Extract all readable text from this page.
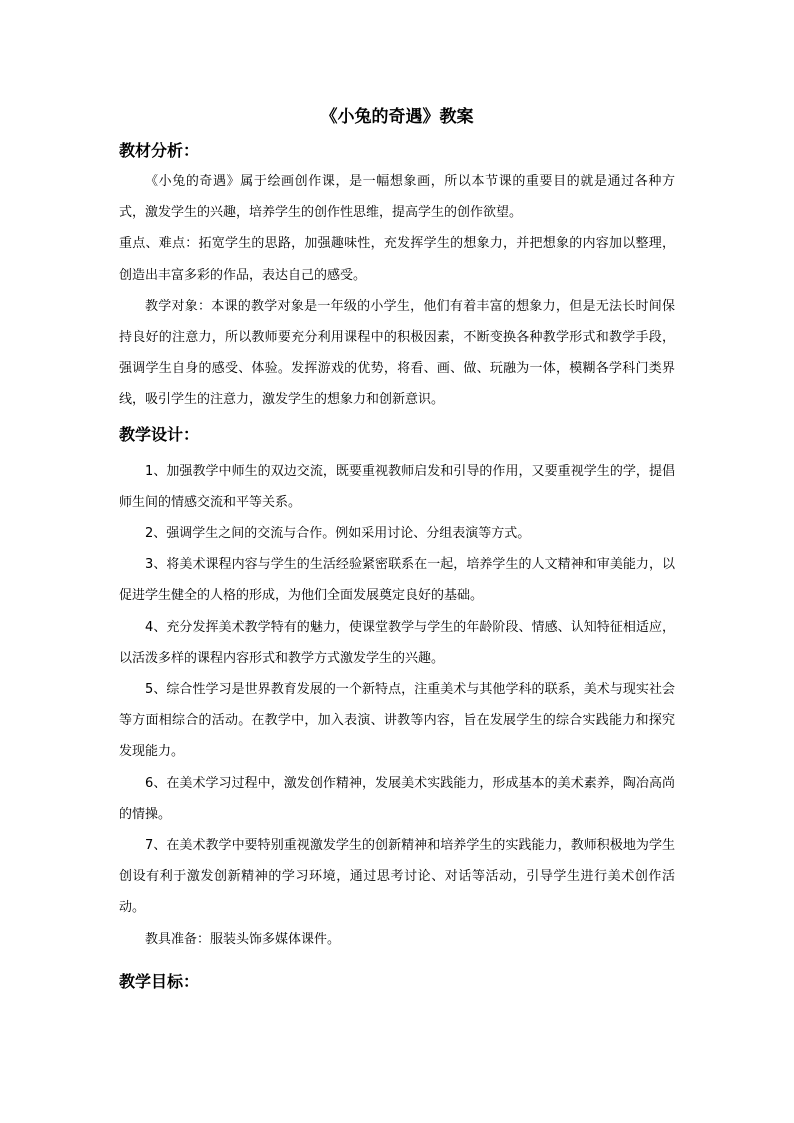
《小兔的奇遇》教案
教材分析：

《小兔的奇遇》属于绘画创作课，是一幅想象画，所以本节课的重要目的就是通过各种方式，激发学生的兴趣，培养学生的创作性思维，提高学生的创作欲望。

重点、难点：拓宽学生的思路，加强趣味性，充发挥学生的想象力，并把想象的内容加以整理，创造出丰富多彩的作品，表达自己的感受。

教学对象：本课的教学对象是一年级的小学生，他们有着丰富的想象力，但是无法长时间保持良好的注意力，所以教师要充分利用课程中的积极因素，不断变换各种教学形式和教学手段，强调学生自身的感受、体验。发挥游戏的优势，将看、画、做、玩融为一体，模糊各学科门类界线，吸引学生的注意力，激发学生的想象力和创新意识。

教学设计：

1、加强教学中师生的双边交流，既要重视教师启发和引导的作用，又要重视学生的学，提倡师生间的情感交流和平等关系。

2、强调学生之间的交流与合作。例如采用讨论、分组表演等方式。

3、将美术课程内容与学生的生活经验紧密联系在一起，培养学生的人文精神和审美能力，以促进学生健全的人格的形成，为他们全面发展奠定良好的基础。

4、充分发挥美术教学特有的魅力，使课堂教学与学生的年龄阶段、情感、认知特征相适应，以活泼多样的课程内容形式和教学方式激发学生的兴趣。

5、综合性学习是世界教育发展的一个新特点，注重美术与其他学科的联系，美术与现实社会等方面相综合的活动。在教学中，加入表演、讲教等内容，旨在发展学生的综合实践能力和探究发现能力。

6、在美术学习过程中，激发创作精神，发展美术实践能力，形成基本的美术素养，陶冶高尚的情操。

7、在美术教学中要特别重视激发学生的创新精神和培养学生的实践能力，教师积极地为学生创设有利于激发创新精神的学习环境，通过思考讨论、对话等活动，引导学生进行美术创作活动。

教具准备：服装头饰多媒体课件。

教学目标：
